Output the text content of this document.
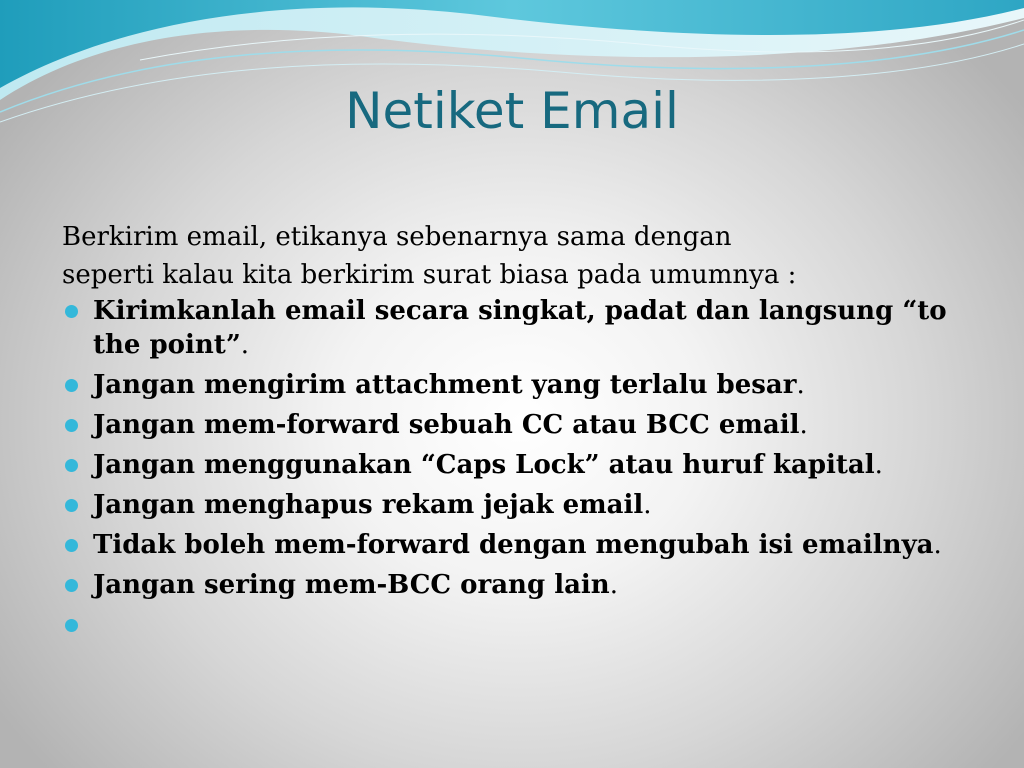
Netiket Email

Berkirim email, etikanya sebenarnya sama dengan
seperti kalau kita berkirim surat biasa pada umumnya :

Kirimkanlah email secara singkat, padat dan langsung “to the point”.
Jangan mengirim attachment yang terlalu besar.
Jangan mem-forward sebuah CC atau BCC email.
Jangan menggunakan “Caps Lock” atau huruf kapital.
Jangan menghapus rekam jejak email.
Tidak boleh mem-forward dengan mengubah isi emailnya.
Jangan sering mem-BCC orang lain.
